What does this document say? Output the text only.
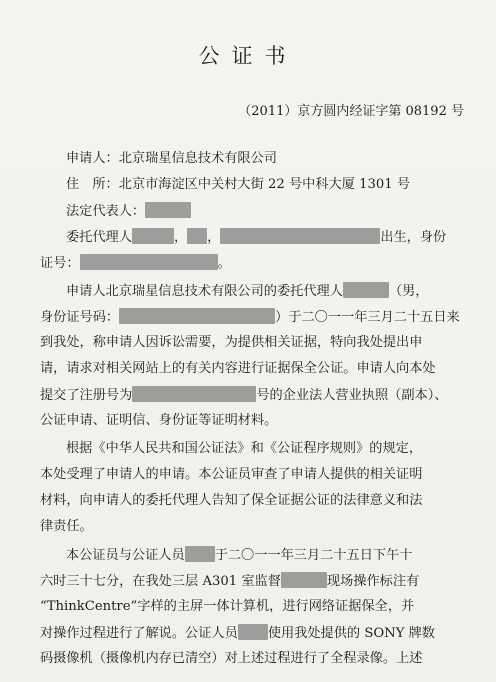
公证书
（2011）京方圆内经证字第 08192 号
申请人：北京瑞星信息技术有限公司
住　所：北京市海淀区中关村大街 22 号中科大厦 1301 号
法定代表人：
委托代理人	， ，	出生，身份
证号：	。
申请人北京瑞星信息技术有限公司的委托代理人	（男，
身份证号码：	）于二〇一一年三月二十五日来
到我处，称申请人因诉讼需要，为提供相关证据，特向我处提出申
请，请求对相关网站上的有关内容进行证据保全公证。申请人向本处
提交了注册号为	号的企业法人营业执照（副本）、
公证申请、证明信、身份证等证明材料。
根据《中华人民共和国公证法》和《公证程序规则》的规定，
本处受理了申请人的申请。本公证员审查了申请人提供的相关证明
材料，向申请人的委托代理人告知了保全证据公证的法律意义和法
律责任。
本公证员与公证人员 于二〇一一年三月二十五日下午十
六时三十七分，在我处三层 A301 室监督	现场操作标注有
“ThinkCentre”字样的主屏一体计算机，进行网络证据保全，并
对操作过程进行了解说。公证人员 使用我处提供的 SONY 牌数
码摄像机（摄像机内存已清空）对上述过程进行了全程录像。上述
